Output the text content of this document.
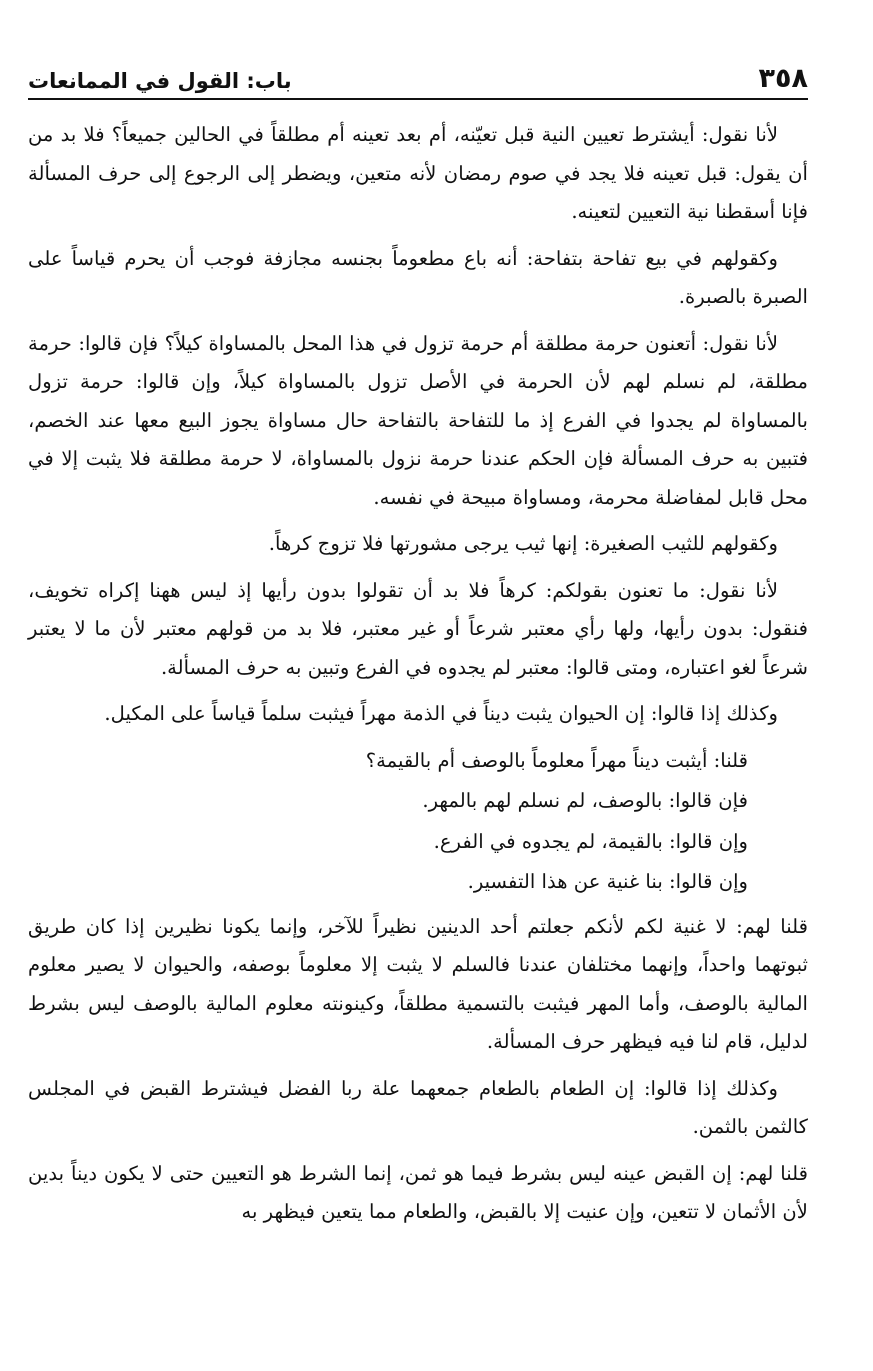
٣٥٨
باب: القول في الممانعات

لأنا نقول: أيشترط تعيين النية قبل تعيّنه، أم بعد تعينه أم مطلقاً في الحالين جميعاً؟ فلا بد من أن يقول: قبل تعينه فلا يجد في صوم رمضان لأنه متعين، ويضطر إلى الرجوع إلى حرف المسألة فإنا أسقطنا نية التعيين لتعينه.

وكقولهم في بيع تفاحة بتفاحة: أنه باع مطعوماً بجنسه مجازفة فوجب أن يحرم قياساً على الصبرة بالصبرة.

لأنا نقول: أتعنون حرمة مطلقة أم حرمة تزول في هذا المحل بالمساواة كيلاً؟ فإن قالوا: حرمة مطلقة، لم نسلم لهم لأن الحرمة في الأصل تزول بالمساواة كيلاً، وإن قالوا: حرمة تزول بالمساواة لم يجدوا في الفرع إذ ما للتفاحة بالتفاحة حال مساواة يجوز البيع معها عند الخصم، فتبين به حرف المسألة فإن الحكم عندنا حرمة نزول بالمساواة، لا حرمة مطلقة فلا يثبت إلا في محل قابل لمفاضلة محرمة، ومساواة مبيحة في نفسه.

وكقولهم للثيب الصغيرة: إنها ثيب يرجى مشورتها فلا تزوج كرهاً.

لأنا نقول: ما تعنون بقولكم: كرهاً فلا بد أن تقولوا بدون رأيها إذ ليس ههنا إكراه تخويف، فنقول: بدون رأيها، ولها رأي معتبر شرعاً أو غير معتبر، فلا بد من قولهم معتبر لأن ما لا يعتبر شرعاً لغو اعتباره، ومتى قالوا: معتبر لم يجدوه في الفرع وتبين به حرف المسألة.

وكذلك إذا قالوا: إن الحيوان يثبت ديناً في الذمة مهراً فيثبت سلماً قياساً على المكيل.

قلنا: أيثبت ديناً مهراً معلوماً بالوصف أم بالقيمة؟

فإن قالوا: بالوصف، لم نسلم لهم بالمهر.

وإن قالوا: بالقيمة، لم يجدوه في الفرع.

وإن قالوا: بنا غنية عن هذا التفسير.

قلنا لهم: لا غنية لكم لأنكم جعلتم أحد الدينين نظيراً للآخر، وإنما يكونا نظيرين إذا كان طريق ثبوتهما واحداً، وإنهما مختلفان عندنا فالسلم لا يثبت إلا معلوماً بوصفه، والحيوان لا يصير معلوم المالية بالوصف، وأما المهر فيثبت بالتسمية مطلقاً، وكينونته معلوم المالية بالوصف ليس بشرط لدليل، قام لنا فيه فيظهر حرف المسألة.

وكذلك إذا قالوا: إن الطعام بالطعام جمعهما علة ربا الفضل فيشترط القبض في المجلس كالثمن بالثمن.

قلنا لهم: إن القبض عينه ليس بشرط فيما هو ثمن، إنما الشرط هو التعيين حتى لا يكون ديناً بدين لأن الأثمان لا تتعين، وإن عنيت إلا بالقبض، والطعام مما يتعين فيظهر به
